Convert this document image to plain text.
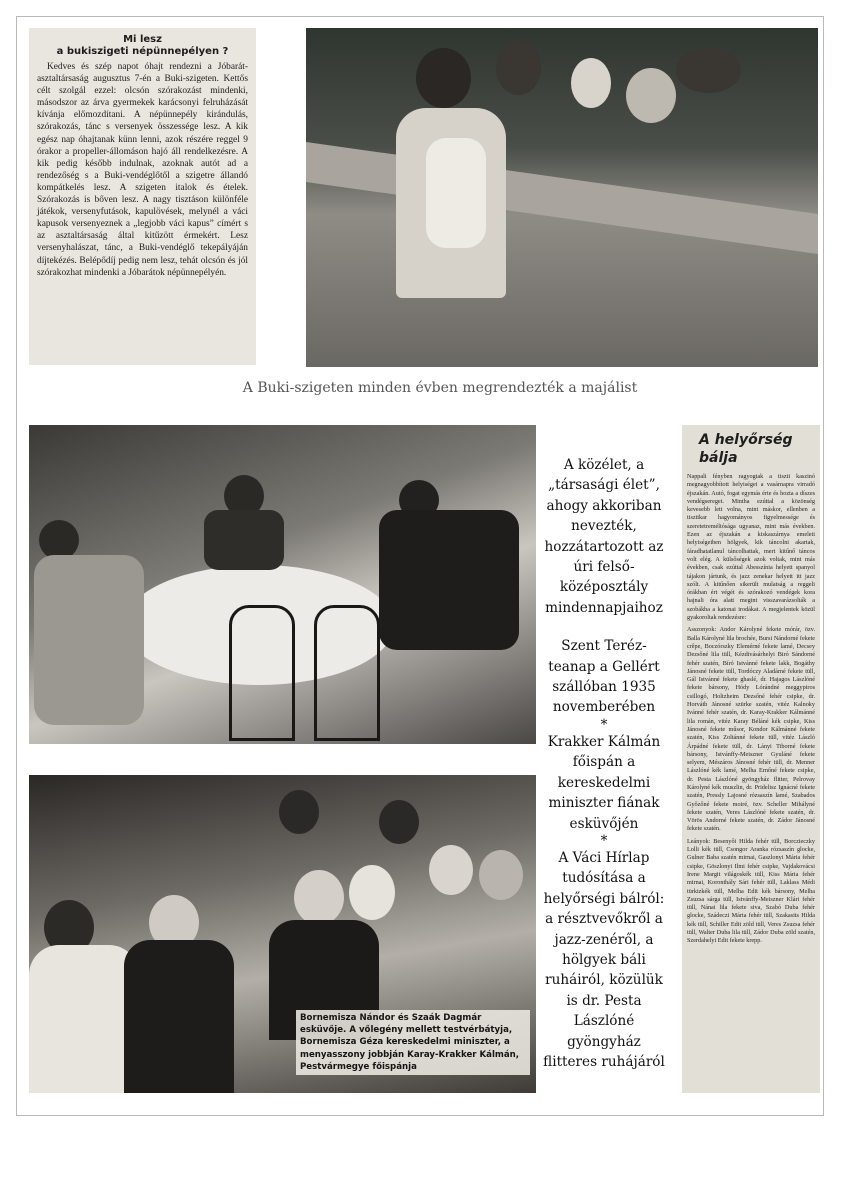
Mi lesz
a bukiszigeti népünnepélyen ?
Kedves és szép napot óhajt rendezni a Jóbarát-asztaltársaság augusztus 7-én a Buki-szigeten. Kettős célt szolgál ezzel: olcsón szórakozást mindenki, másodszor az árva gyermekek karácsonyi felruházását kívánja előmozdítani. A népünnepély kirándulás, szórakozás, tánc s versenyek összessége lesz. A kik egész nap óhajtanak künn lenni, azok részére reggel 9 órakor a propeller-állomáson hajó áll rendelkezésre. A kik pedig később indulnak, azoknak autót ad a rendezőség s a Buki-vendéglőtől a szigetre állandó kompátkelés lesz. A szigeten italok és ételek. Szórakozás is bőven lesz. A nagy tisztáson különféle játékok, versenyfutások, kapulövések, melynél a váci kapusok versenyeznek a „legjobb váci kapus” címért s az asztaltársaság által kitűzött érmekért. Lesz versenyhalászat, tánc, a Buki-vendéglő tekepályáján díjtekézés. Belépődíj pedig nem lesz, tehát olcsón és jól szórakozhat mindenki a Jóbarátok népünnepélyén.
A Buki-szigeten minden évben megrendezték a majálist

A közélet, a „társasági élet”, ahogy akkoriban nevezték, hozzátartozott az úri felső-középosztály mindennapjaihoz

Szent Teréz-teanap a Gellért szállóban 1935 novemberében

*

Krakker Kálmán főispán a kereskedelmi miniszter fiának esküvőjén

*

A Váci Hírlap tudósítása a helyőrségi bálról: a résztvevőkről a jazz-zenéről, a hölgyek báli ruháiról, közülük is dr. Pesta Lászlóné gyöngyház flitteres ruhájáról

A helyőrség bálja
Nappali fényben ragyogtak a tiszti kaszinó megnagyobbított helyiségei a vasárnapra virradó éjszakán. Autó, fogat egymás érte és hozta a díszes vendégsereget. Mintha ezúttal a közönség kevesebb lett volna, mint máskor, ellenben a tisztikar hagyományos figyelmessége és szeretetreméltósága ugyanaz, mint más években. Ezen az éjszakán a kiskaszárnya emeleti helyiségeiben hölgyek, kik táncolni akartak, fáradhatatlanul táncolhattak, mert kitűnő táncos volt elég. A külsőségek azok voltak, mint más években, csak ezúttal Abesszínia helyett spanyol tájakon jártunk, és jazz zenekar helyett itt jazz szólt. A kitűnően sikerült mulatság a reggeli órákban ért végét és szórakozó vendégek kora hajnali óra alatt megint visszavarázsolták a szobákba a katonai irodákat. A megjelentek közül gyakoroltak rendezésre:
Asszonyok: Andor Károlyné fekete mórár, özv. Balla Károlyné lila brochée, Bursi Nándorné fekete crêpe, Boczórszky Elemérné fekete lamé, Decsey Dezsőné lila tüll, Kézdivásárhelyi Biró Sándorné fehér szatén, Bíró Istvánné fekete lakk, Bogáthy Jánosné fekete tüll, Tordóczy Aladárné fekete tüll, Gál Istvánné fekete ghaslé, dr. Hajagos Lászlóné fekete bársony, Hódy Lórándné meggypiros csillogó, Holtzheim Dezsőné fehér csipke, dr. Horváth Jánosné szürke szatén, vitéz Kalnoky Ivánné fehér szatén, dr. Karay-Krakker Kálmánné lila román, vitéz Karay Béláné kék csipke, Kiss Jánosné fekete műsor, Kondor Kálmánné fekete szatén, Kiss Zoltánné fekete tüll, vitéz László Árpádné fekete tüll, dr. Lányi Tiborné fekete bársony, Istvánffy-Meiszner Gyuláné fekete selyem, Mészáros Jánosné fehér tüll, dr. Menner Lászlóné kék lamé, Melha Ernőné fekete csipke, dr. Pesta Lászlóné gyöngyház flitter, Pelrovay Károlyné kék muszlin, dr. Pridelisz Ignácné fekete szatén, Pressly Lajosné rózsaszín lamé, Szabados Győzőné fekete moiré, özv. Scheller Mihályné fekete szatén, Veres Lászlóné fekete szatén, dr. Vörös Andorné fekete szatén, dr. Zádor Jánosné fekete szatén.
Leányok: Besenyői Hilda fehér tüll, Borczieczky Lolli kék tüll, Csongor Aranka rózsaszín glocke, Gulner Baba szatén mirnai, Gaszlonyi Mária fehér csipke, Göszlonyi Ilmi fehér csipke, Vajdakovácsi Irene Margit világoskék tüll, Kiss Mária fehér mirnai, Koronthály Sári fehér tüll, Laklass Médi türkizkék tüll, Melha Edit kék bársony, Melha Zsuzsa sárga tüll, Istvánffy-Meiszner Klári fehér tüll, Nánai lila fekete siva, Szabó Duba fehér glocke, Szádeczi Márta fehér tüll, Szakasits Hilda kék tüll, Schiller Edit zöld tüll, Veres Zsuzsa fehér tüll, Walter Duba lila tüll, Zádor Duba zöld szatén, Szerdahelyi Edit fekete krepp.
Bornemisza Nándor és Szaák Dagmár esküvője. A vőlegény mellett testvérbátyja, Bornemisza Géza kereskedelmi miniszter, a menyasszony jobbján Karay-Krakker Kálmán, Pestvármegye főispánja
